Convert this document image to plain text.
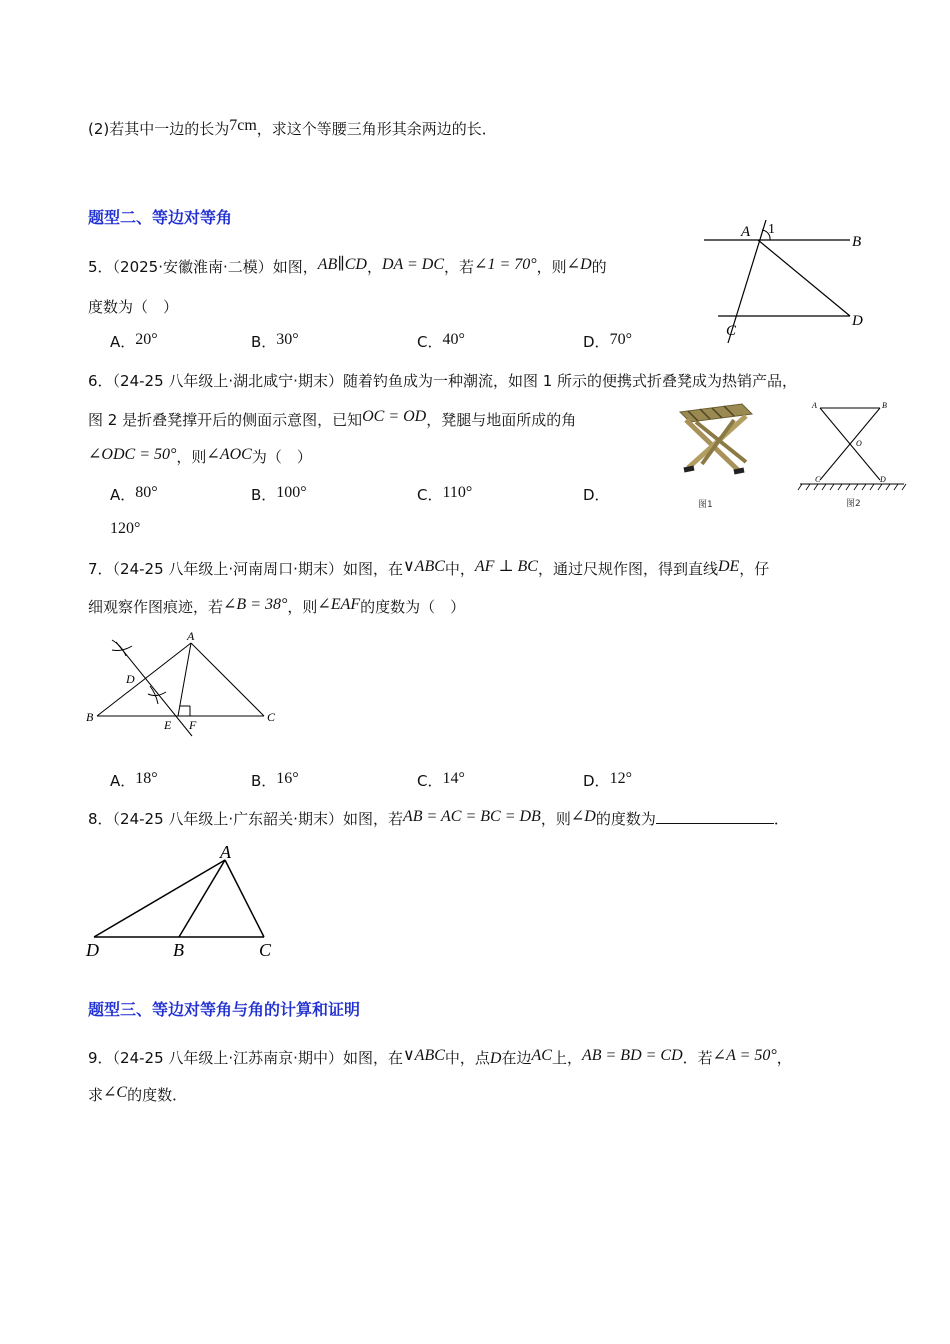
(2)若其中一边的长为7cm，求这个等腰三角形其余两边的长．
题型二、等边对等角
5．（2025·安徽淮南·二模）如图，AB∥CD，DA = DC，若∠1 = 70°，则∠D的
度数为（　）
A．20°	B．30°	C．40°	D．70°
A 1
B
C
D
6．（24-25 八年级上·湖北咸宁·期末）随着钓鱼成为一种潮流，如图 1 所示的便携式折叠凳成为热销产品，
图 2 是折叠凳撑开后的侧面示意图，已知OC = OD，凳腿与地面所成的角
∠ODC = 50°，则∠AOC为（　）
A．80°	B．100°	C．110°	D．
120°
图1
A	B
O
C	D
图2
7．（24-25 八年级上·河南周口·期末）如图，在∨ABC中，AF ⊥ BC，通过尺规作图，得到直线DE，仔
细观察作图痕迹，若∠B = 38°，则∠EAF的度数为（　）
A
B	C
D
E F
A．18°	B．16°	C．14°	D．12°
8．（24-25 八年级上·广东韶关·期末）如图，若AB = AC = BC = DB，则∠D的度数为	．
A
D	B	C
题型三、等边对等角与角的计算和证明
9．（24-25 八年级上·江苏南京·期中）如图，在∨ABC中，点D在边AC上，AB = BD = CD．若∠A = 50°，
求∠C的度数．
